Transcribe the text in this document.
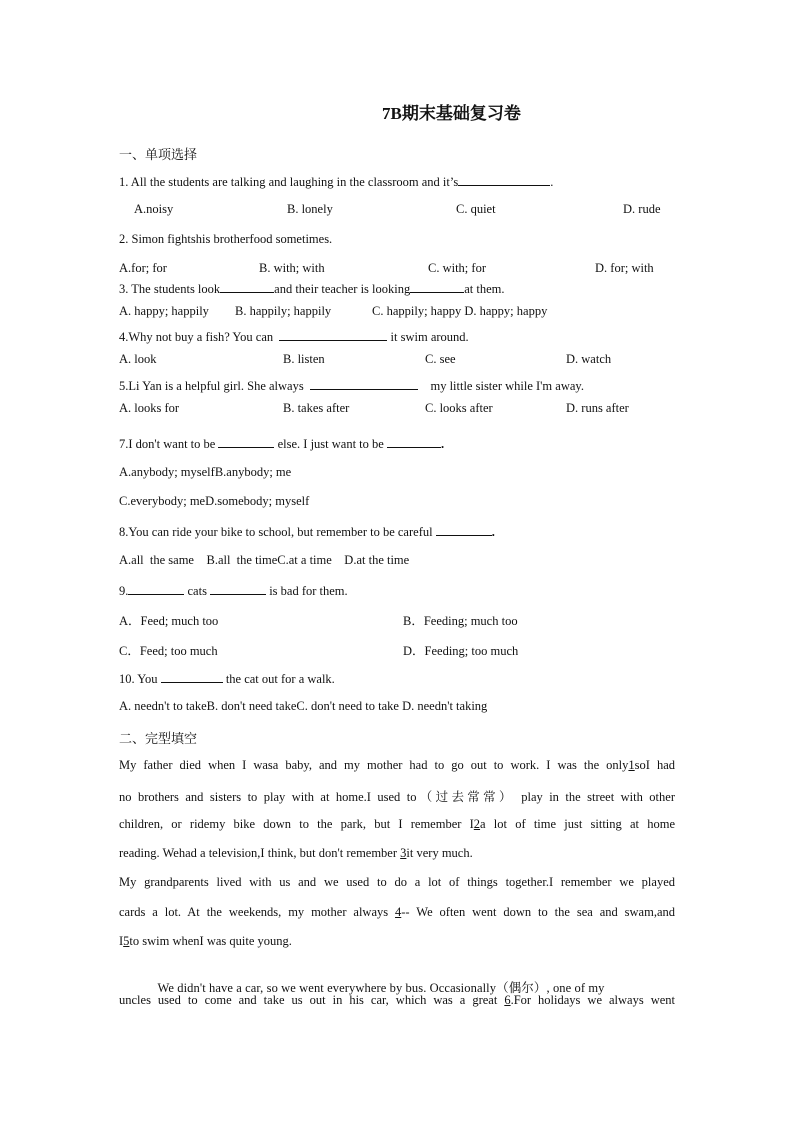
7B期末基础复习卷
一、单项选择
1. All the students are talking and laughing in the classroom and it’s	.
A.noisy	B. lonely	C. quiet	D. rude
2. Simon fightshis brotherfood sometimes.
A.for; for	B. with; with	C. with; for	D. for; with
3. The students look	and their teacher is looking	at them.
A. happy; happily B. happily; happily	C. happily; happy D. happy; happy
4.Why not buy a fish? You can	it swim around.
A. look	B. listen	C. see	D. watch
5.Li Yan is a helpful girl. She always	my little sister while I'm away.
A. looks for	B. takes after	C. looks after	D. runs after
7.I don't want to be	else. I just want to be	.
A.anybody; myselfB.anybody; me
C.everybody; meD.somebody; myself
8.You can ride your bike to school, but remember to be careful	.
A.all  the same    B.all  the timeC.at a time    D.at the time
9.	cats	is bad for them.
A．Feed; much too	B．Feeding; much too
C．Feed; too much	D．Feeding; too much
10. You	the cat out for a walk.
A. needn't to takeB. don't need takeC. don't need to take D. needn't taking
二、完型填空
My father died when I wasa baby, and my mother had to go out to work. I was the only1soI had
no brothers and sisters to play with at home.I used to（过去常常） play in the street with other
children, or ridemy bike down to the park, but I remember I2a lot of time just sitting at home
reading. Wehad a television,I think, but don't remember 3it very much.
My grandparents lived with us and we used to do a lot of things together.I remember we played
cards a lot. At the weekends, my mother always 4-- We often went down to the sea and swam,and
I5to swim whenI was quite young.

We didn't have a car, so we went everywhere by bus. Occasionally（偶尔）, one of my

uncles used to come and take us out in his car, which was a great 6.For holidays we always went
